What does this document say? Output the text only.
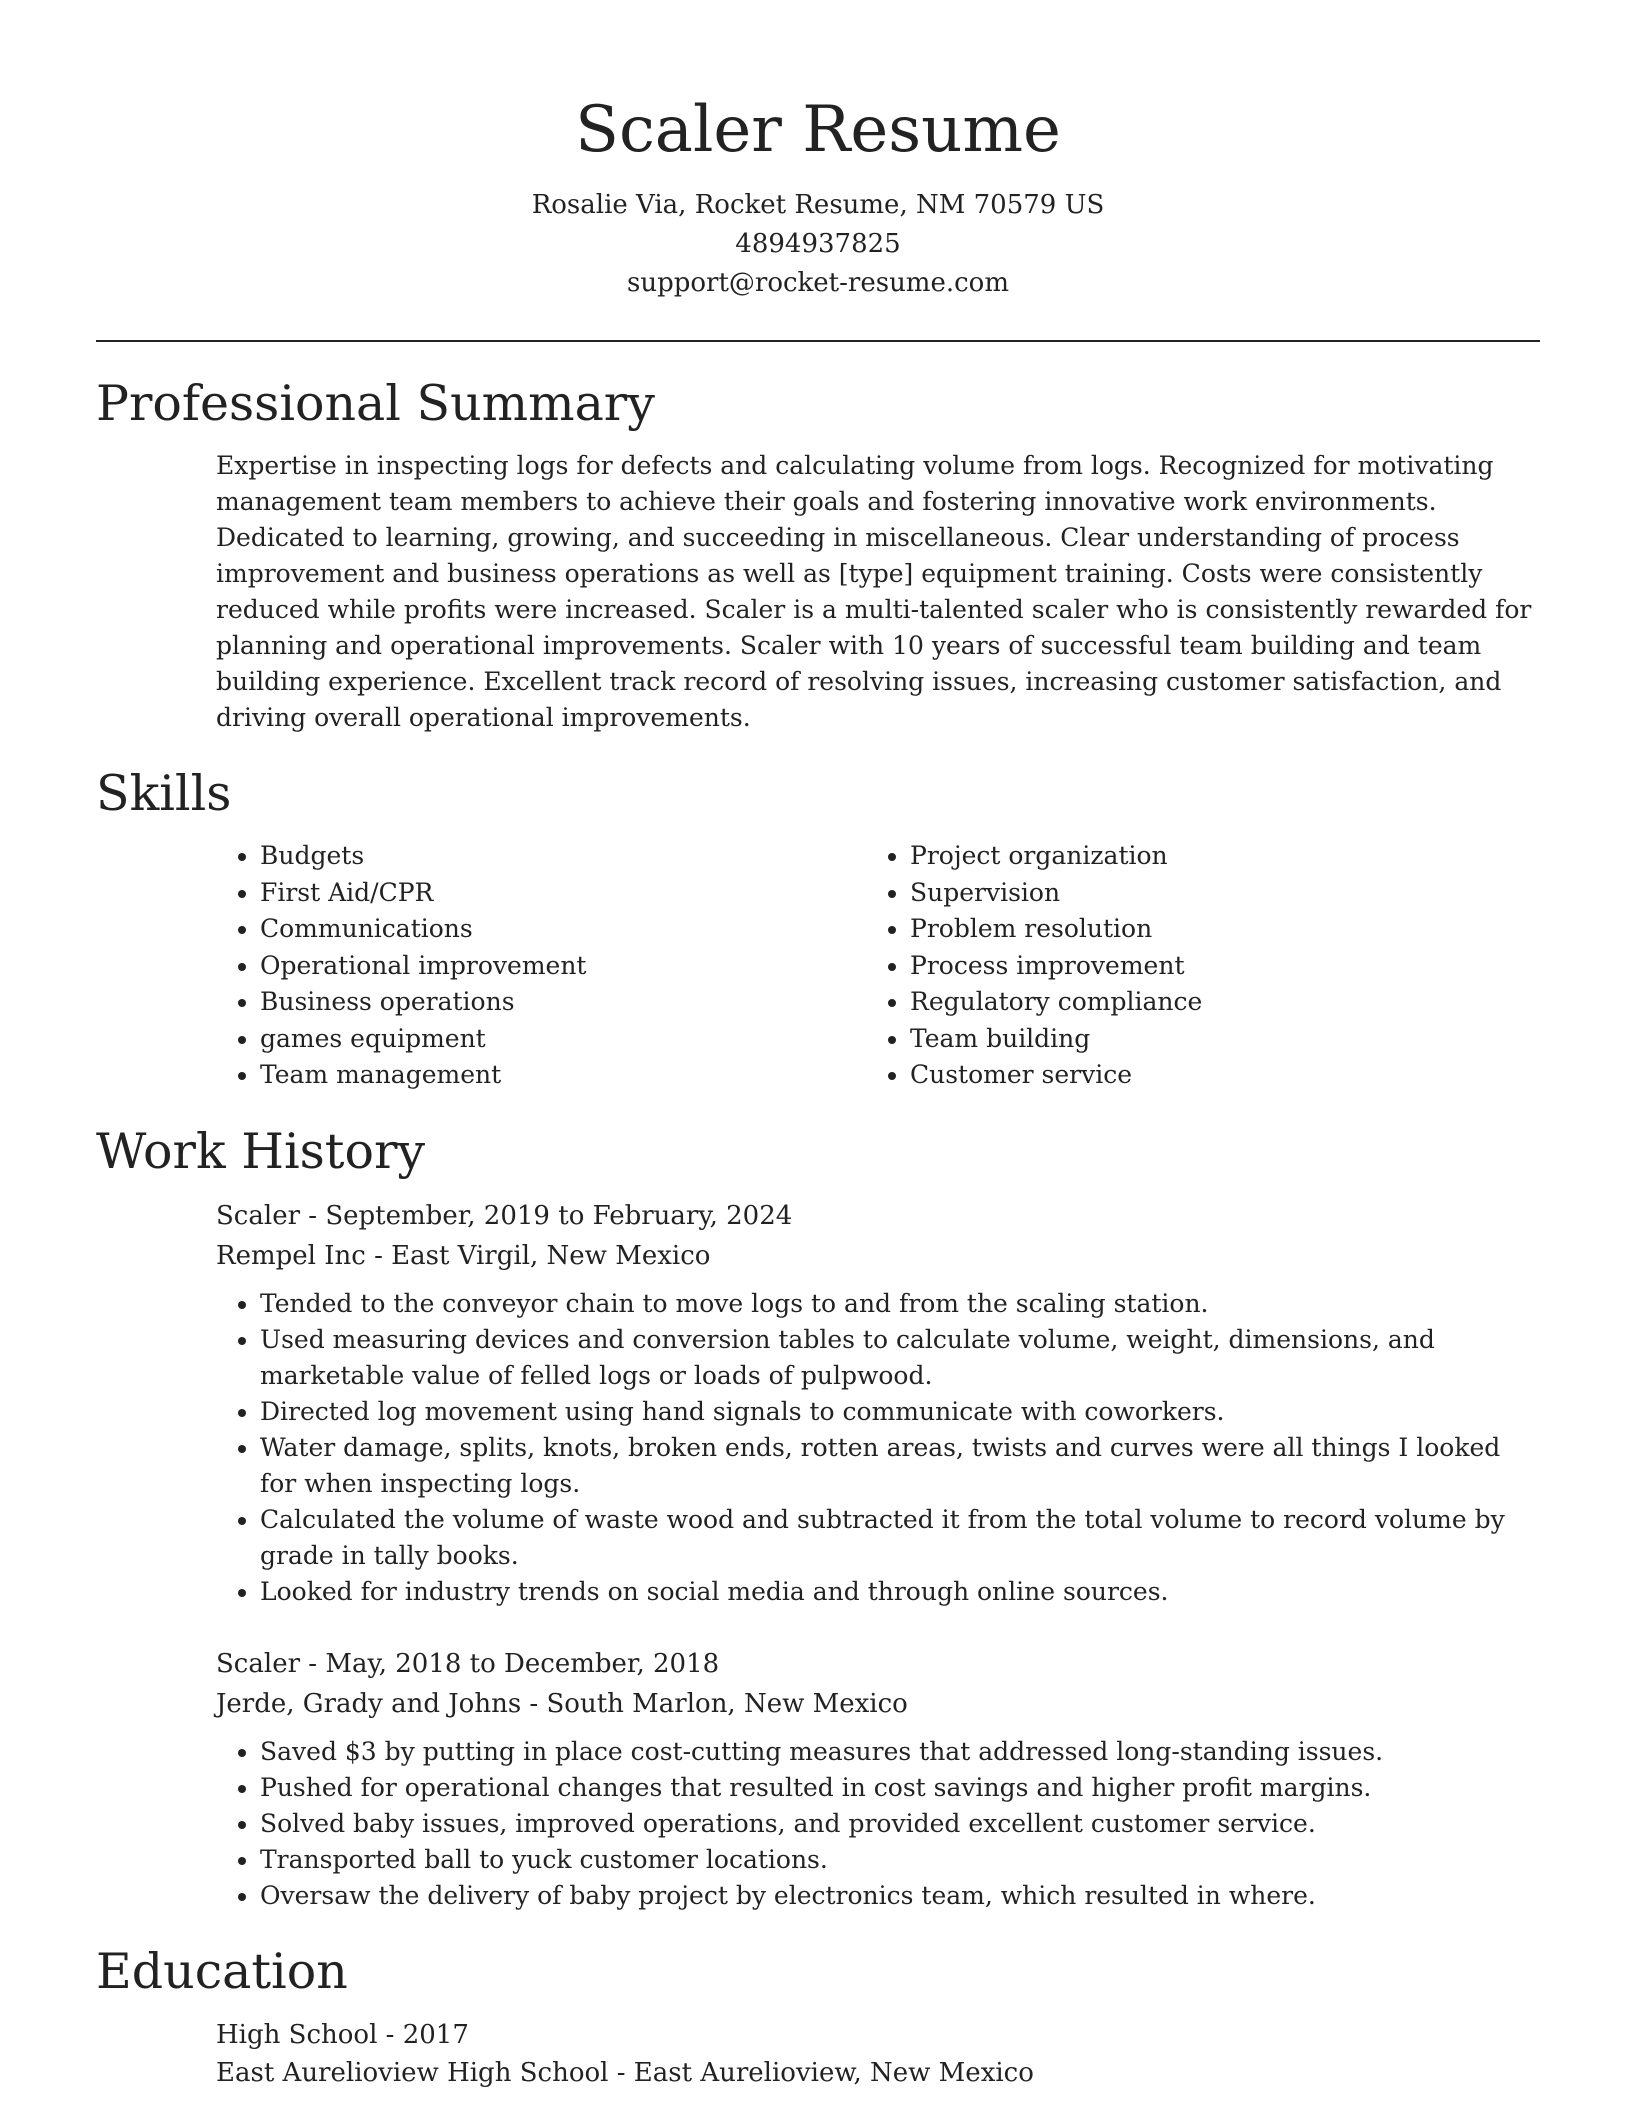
Scaler Resume
Rosalie Via, Rocket Resume, NM 70579 US
4894937825
support@rocket-resume.com
Professional Summary

Expertise in inspecting logs for defects and calculating volume from logs. Recognized for motivating management team members to achieve their goals and fostering innovative work environments. Dedicated to learning, growing, and succeeding in miscellaneous. Clear understanding of process improvement and business operations as well as [type] equipment training. Costs were consistently reduced while profits were increased. Scaler is a multi-talented scaler who is consistently rewarded for planning and operational improvements. Scaler with 10 years of successful team building and team building experience. Excellent track record of resolving issues, increasing customer satisfaction, and driving overall operational improvements.

Skills
• Budgets
• First Aid/CPR
• Communications
• Operational improvement
• Business operations
• games equipment
• Team management
• Project organization
• Supervision
• Problem resolution
• Process improvement
• Regulatory compliance
• Team building
• Customer service
Work History
Scaler - September, 2019 to February, 2024
Rempel Inc - East Virgil, New Mexico
• Tended to the conveyor chain to move logs to and from the scaling station.
• Used measuring devices and conversion tables to calculate volume, weight, dimensions, and marketable value of felled logs or loads of pulpwood.
• Directed log movement using hand signals to communicate with coworkers.
• Water damage, splits, knots, broken ends, rotten areas, twists and curves were all things I looked for when inspecting logs.
• Calculated the volume of waste wood and subtracted it from the total volume to record volume by grade in tally books.
• Looked for industry trends on social media and through online sources.
Scaler - May, 2018 to December, 2018
Jerde, Grady and Johns - South Marlon, New Mexico
• Saved $3 by putting in place cost-cutting measures that addressed long-standing issues.
• Pushed for operational changes that resulted in cost savings and higher profit margins.
• Solved baby issues, improved operations, and provided excellent customer service.
• Transported ball to yuck customer locations.
• Oversaw the delivery of baby project by electronics team, which resulted in where.
Education
High School - 2017
East Aurelioview High School - East Aurelioview, New Mexico
